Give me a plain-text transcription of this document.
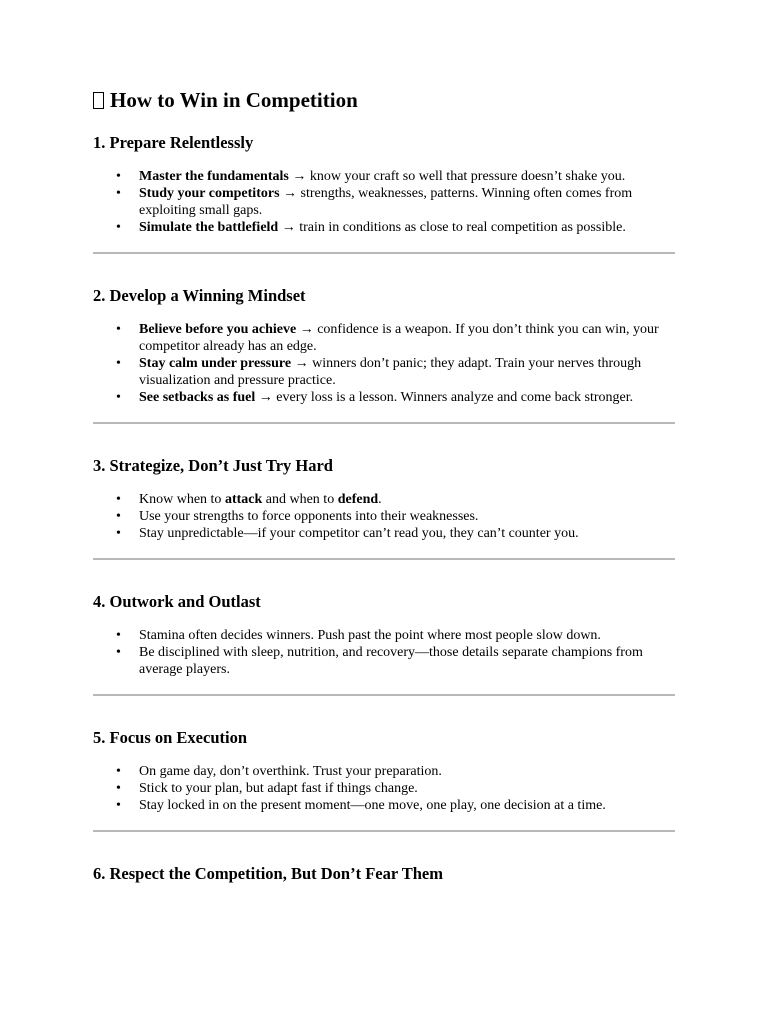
How to Win in Competition
1. Prepare Relentlessly
• Master the fundamentals → know your craft so well that pressure doesn’t shake you.
• Study your competitors → strengths, weaknesses, patterns. Winning often comes from exploiting small gaps.
• Simulate the battlefield → train in conditions as close to real competition as possible.
2. Develop a Winning Mindset
• Believe before you achieve → confidence is a weapon. If you don’t think you can win, your competitor already has an edge.
• Stay calm under pressure → winners don’t panic; they adapt. Train your nerves through visualization and pressure practice.
• See setbacks as fuel → every loss is a lesson. Winners analyze and come back stronger.
3. Strategize, Don’t Just Try Hard
• Know when to attack and when to defend.
• Use your strengths to force opponents into their weaknesses.
• Stay unpredictable—if your competitor can’t read you, they can’t counter you.
4. Outwork and Outlast
• Stamina often decides winners. Push past the point where most people slow down.
• Be disciplined with sleep, nutrition, and recovery—those details separate champions from average players.
5. Focus on Execution
• On game day, don’t overthink. Trust your preparation.
• Stick to your plan, but adapt fast if things change.
• Stay locked in on the present moment—one move, one play, one decision at a time.
6. Respect the Competition, But Don’t Fear Them
